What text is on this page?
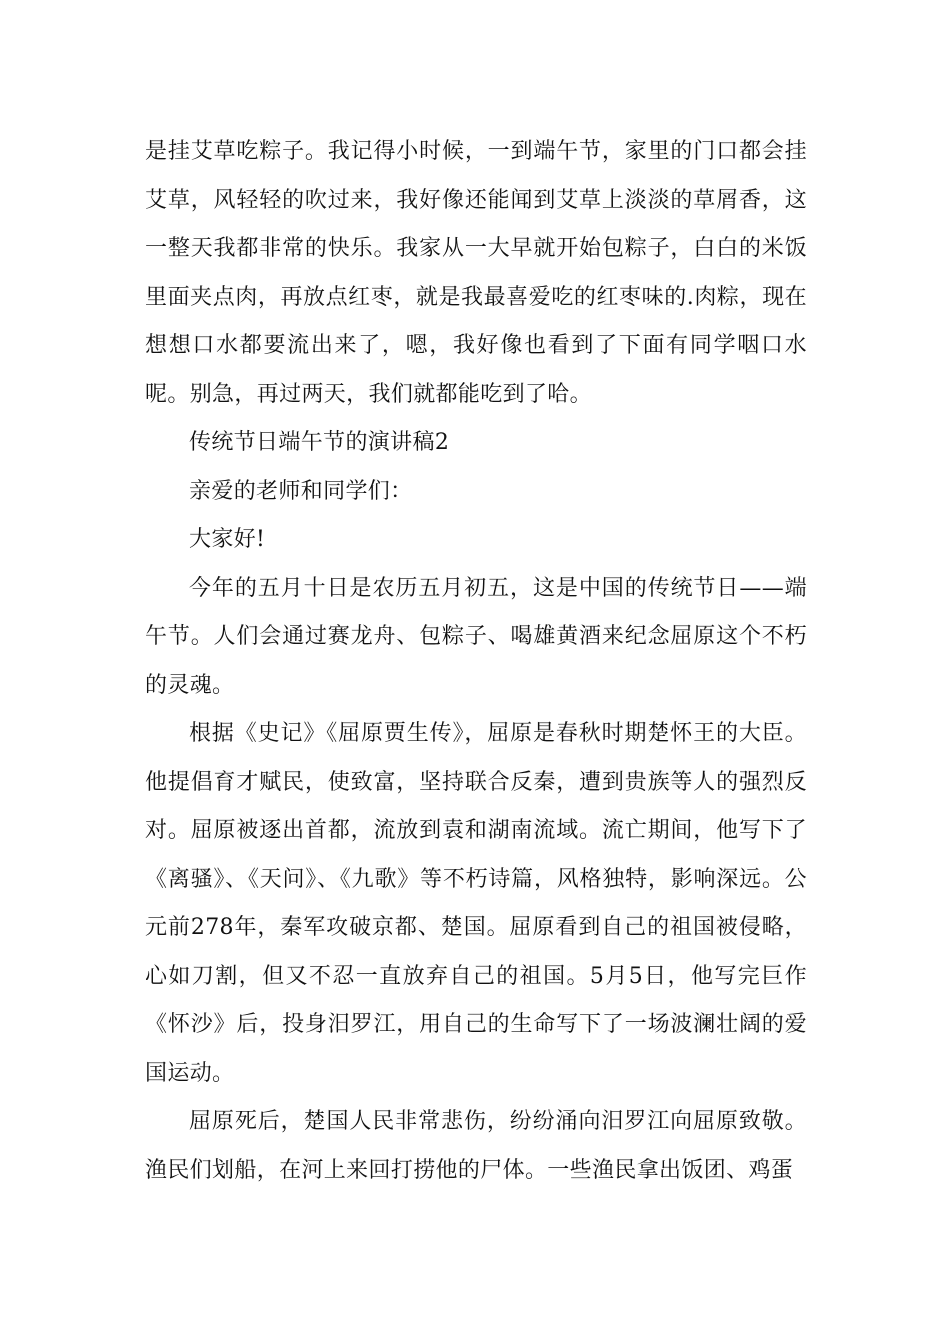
是挂艾草吃粽子。我记得小时候，一到端午节，家里的门口都会挂艾草，风轻轻的吹过来，我好像还能闻到艾草上淡淡的草屑香，这一整天我都非常的快乐。我家从一大早就开始包粽子，白白的米饭里面夹点肉，再放点红枣，就是我最喜爱吃的红枣味的.肉粽，现在想想口水都要流出来了，嗯，我好像也看到了下面有同学咽口水呢。别急，再过两天，我们就都能吃到了哈。

传统节日端午节的演讲稿2

亲爱的老师和同学们：

大家好!

今年的五月十日是农历五月初五，这是中国的传统节日——端午节。人们会通过赛龙舟、包粽子、喝雄黄酒来纪念屈原这个不朽的灵魂。

根据《史记》《屈原贾生传》，屈原是春秋时期楚怀王的大臣。他提倡育才赋民，使致富，坚持联合反秦，遭到贵族等人的强烈反对。屈原被逐出首都，流放到袁和湖南流域。流亡期间，他写下了《离骚》、《天问》、《九歌》等不朽诗篇，风格独特，影响深远。公元前278年，秦军攻破京都、楚国。屈原看到自己的祖国被侵略，心如刀割，但又不忍一直放弃自己的祖国。5月5日，他写完巨作《怀沙》后，投身汨罗江，用自己的生命写下了一场波澜壮阔的爱国运动。

屈原死后，楚国人民非常悲伤，纷纷涌向汨罗江向屈原致敬。渔民们划船，在河上来回打捞他的尸体。一些渔民拿出饭团、鸡蛋
